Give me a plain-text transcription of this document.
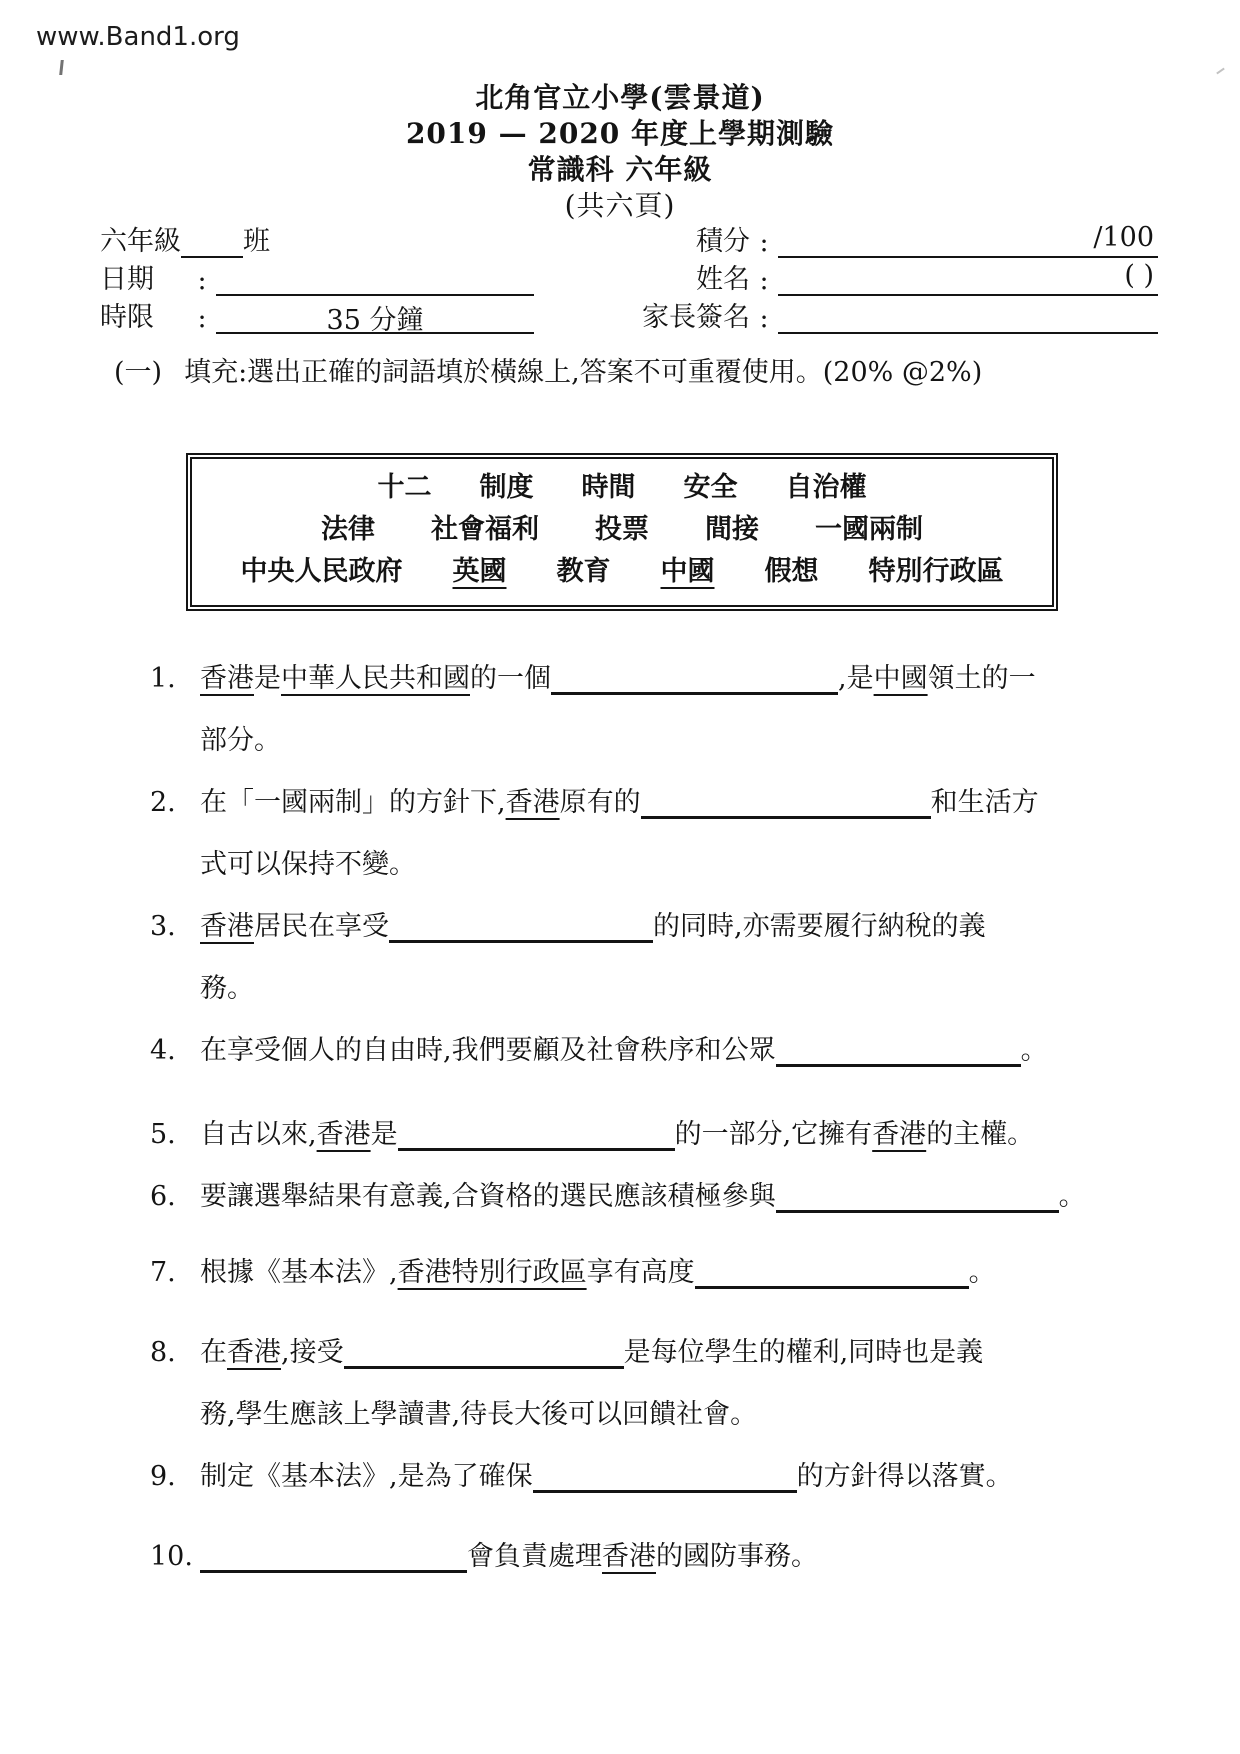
www.Band1.org
北角官立小學(雲景道)
2019 — 2020 年度上學期測驗
常識科 六年級
(共六頁)
六年級 班
日期	:
時限	:	35 分鐘
積分 :	/100
姓名 :	( )
家長簽名 :
(一) 填充:選出正確的詞語填於橫線上,答案不可重覆使用。(20% @2%)
十二 制度 時間 安全 自治權
法律 社會福利 投票 間接 一國兩制
中央人民政府 英國 教育 中國 假想 特別行政區
1. 香港是中華人民共和國的一個	,是中國領土的一
部分。
2. 在「一國兩制」的方針下,香港原有的	和生活方
式可以保持不變。
3. 香港居民在享受	的同時,亦需要履行納稅的義
務。
4. 在享受個人的自由時,我們要顧及社會秩序和公眾	。
5. 自古以來,香港是	的一部分,它擁有香港的主權。
6. 要讓選舉結果有意義,合資格的選民應該積極參與	。
7. 根據《基本法》,香港特別行政區享有高度	。
8. 在香港,接受	是每位學生的權利,同時也是義
務,學生應該上學讀書,待長大後可以回饋社會。
9. 制定《基本法》,是為了確保	的方針得以落實。
10.	會負責處理香港的國防事務。
